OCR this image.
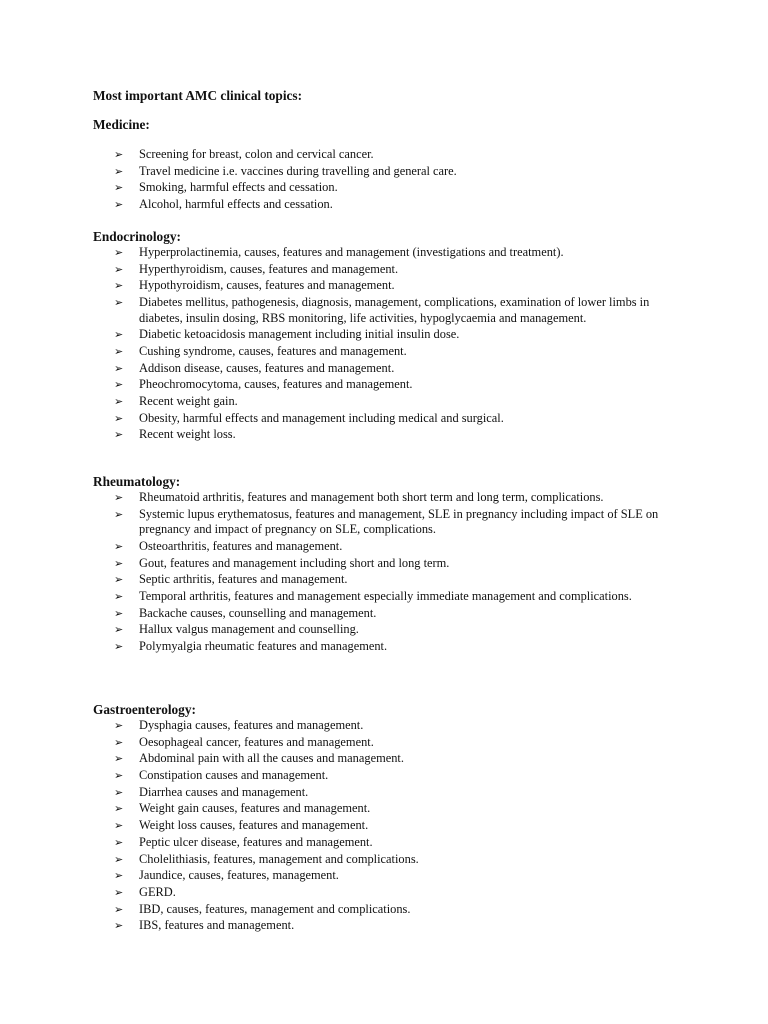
Most important AMC clinical topics:
Medicine:
➢ Screening for breast, colon and cervical cancer.
➢ Travel medicine i.e. vaccines during travelling and general care.
➢ Smoking, harmful effects and cessation.
➢ Alcohol, harmful effects and cessation.
Endocrinology:
➢ Hyperprolactinemia, causes, features and management (investigations and treatment).
➢ Hyperthyroidism, causes, features and management.
➢ Hypothyroidism, causes, features and management.
➢ Diabetes mellitus, pathogenesis, diagnosis, management, complications, examination of lower limbs in diabetes, insulin dosing, RBS monitoring, life activities, hypoglycaemia and management.
➢ Diabetic ketoacidosis management including initial insulin dose.
➢ Cushing syndrome, causes, features and management.
➢ Addison disease, causes, features and management.
➢ Pheochromocytoma, causes, features and management.
➢ Recent weight gain.
➢ Obesity, harmful effects and management including medical and surgical.
➢ Recent weight loss.
Rheumatology:
➢ Rheumatoid arthritis, features and management both short term and long term, complications.
➢ Systemic lupus erythematosus, features and management, SLE in pregnancy including impact of SLE on pregnancy and impact of pregnancy on SLE, complications.
➢ Osteoarthritis, features and management.
➢ Gout, features and management including short and long term.
➢ Septic arthritis, features and management.
➢ Temporal arthritis, features and management especially immediate management and complications.
➢ Backache causes, counselling and management.
➢ Hallux valgus management and counselling.
➢ Polymyalgia rheumatic features and management.
Gastroenterology:
➢ Dysphagia causes, features and management.
➢ Oesophageal cancer, features and management.
➢ Abdominal pain with all the causes and management.
➢ Constipation causes and management.
➢ Diarrhea causes and management.
➢ Weight gain causes, features and management.
➢ Weight loss causes, features and management.
➢ Peptic ulcer disease, features and management.
➢ Cholelithiasis, features, management and complications.
➢ Jaundice, causes, features, management.
➢ GERD.
➢ IBD, causes, features, management and complications.
➢ IBS, features and management.
